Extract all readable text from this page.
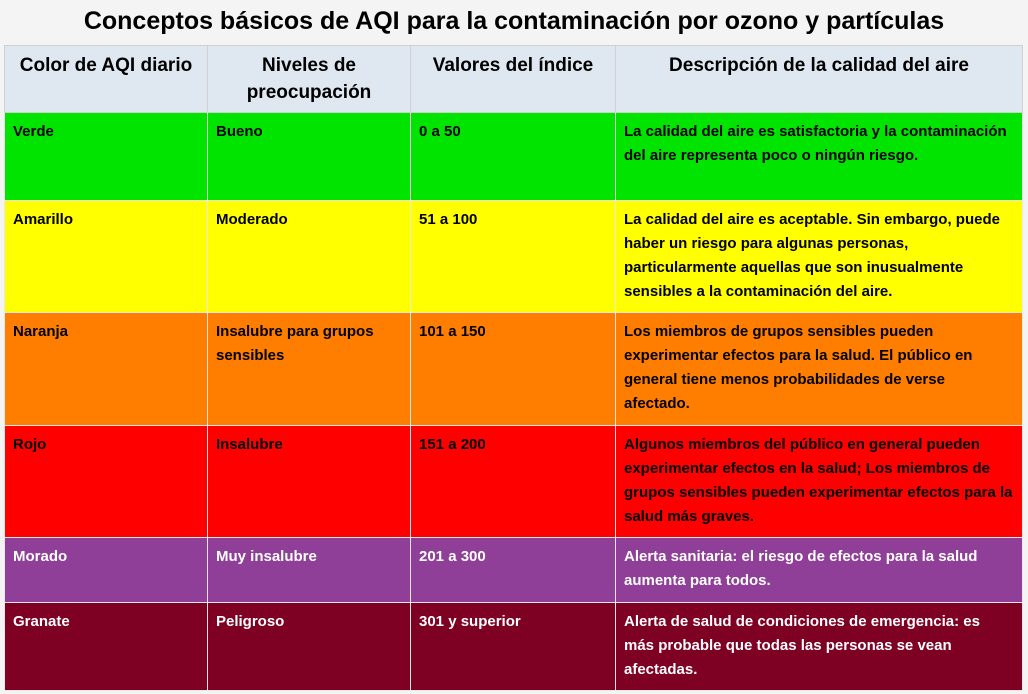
Conceptos básicos de AQI para la contaminación por ozono y partículas
Color de AQI diario	Niveles de preocupación	Valores del índice	Descripción de la calidad del aire
Verde	Bueno	0 a 50	La calidad del aire es satisfactoria y la contaminación del aire representa poco o ningún riesgo.
Amarillo	Moderado	51 a 100	La calidad del aire es aceptable. Sin embargo, puede haber un riesgo para algunas personas, particularmente aquellas que son inusualmente sensibles a la contaminación del aire.
Naranja	Insalubre para grupos sensibles	101 a 150	Los miembros de grupos sensibles pueden experimentar efectos para la salud. El público en general tiene menos probabilidades de verse afectado.
Rojo	Insalubre	151 a 200	Algunos miembros del público en general pueden experimentar efectos en la salud; Los miembros de grupos sensibles pueden experimentar efectos para la salud más graves.
Morado	Muy insalubre	201 a 300	Alerta sanitaria: el riesgo de efectos para la salud aumenta para todos.
Granate	Peligroso	301 y superior	Alerta de salud de condiciones de emergencia: es más probable que todas las personas se vean afectadas.
